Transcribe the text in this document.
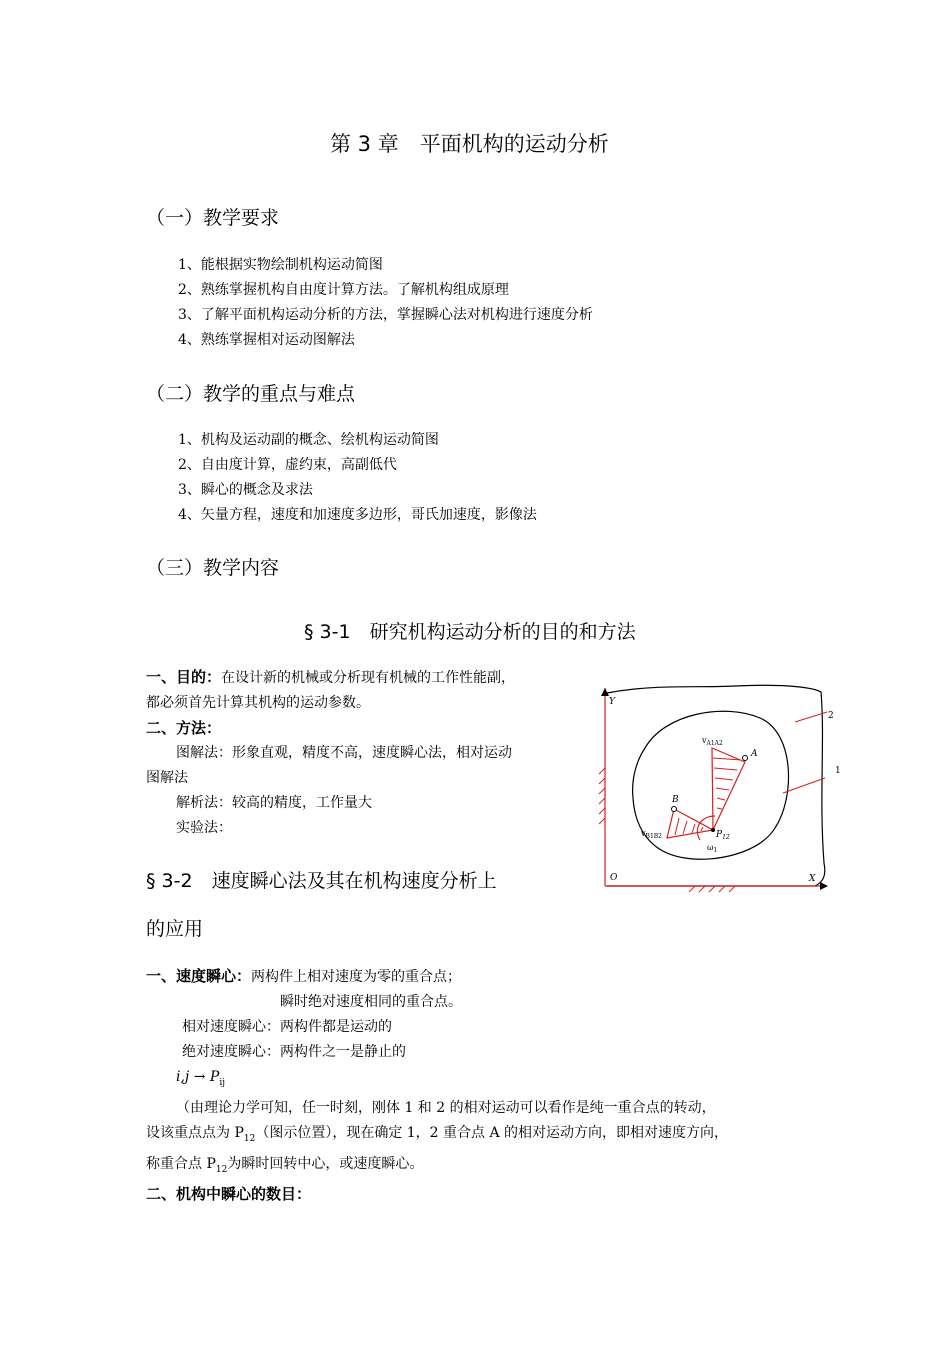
第 3 章　平面机构的运动分析
（一）教学要求
1、能根据实物绘制机构运动简图
2、熟练掌握机构自由度计算方法。了解机构组成原理
3、了解平面机构运动分析的方法，掌握瞬心法对机构进行速度分析
4、熟练掌握相对运动图解法
（二）教学的重点与难点
1、机构及运动副的概念、绘机构运动简图
2、自由度计算，虚约束，高副低代
3、瞬心的概念及求法
4、矢量方程，速度和加速度多边形，哥氏加速度，影像法
（三）教学内容
§ 3-1　研究机构运动分析的目的和方法
一、目的：在设计新的机械或分析现有机械的工作性能副，
都必须首先计算其机构的运动参数。
二、方法：
图解法：形象直观，精度不高，速度瞬心法，相对运动
图解法
解析法：较高的精度，工作量大
实验法：
§ 3-2　速度瞬心法及其在机构速度分析上
的应用
一、速度瞬心：两构件上相对速度为零的重合点；
瞬时绝对速度相同的重合点。
相对速度瞬心：两构件都是运动的
绝对速度瞬心：两构件之一是静止的
$i,j \to P_{ij}$
（由理论力学可知，任一时刻，刚体 1 和 2 的相对运动可以看作是纯一重合点的转动，
设该重点点为 $P_{12}$（图示位置），现在确定 1，2 重合点 A 的相对运动方向，即相对速度方向，
称重合点 $P_{12}$为瞬时回转中心，或速度瞬心。
二、机构中瞬心的数目：
Y
O	X
2
1
A
B
$v_{A1A2}$
$v_{B1B2}$	$P_{12}$
$\omega_1$
